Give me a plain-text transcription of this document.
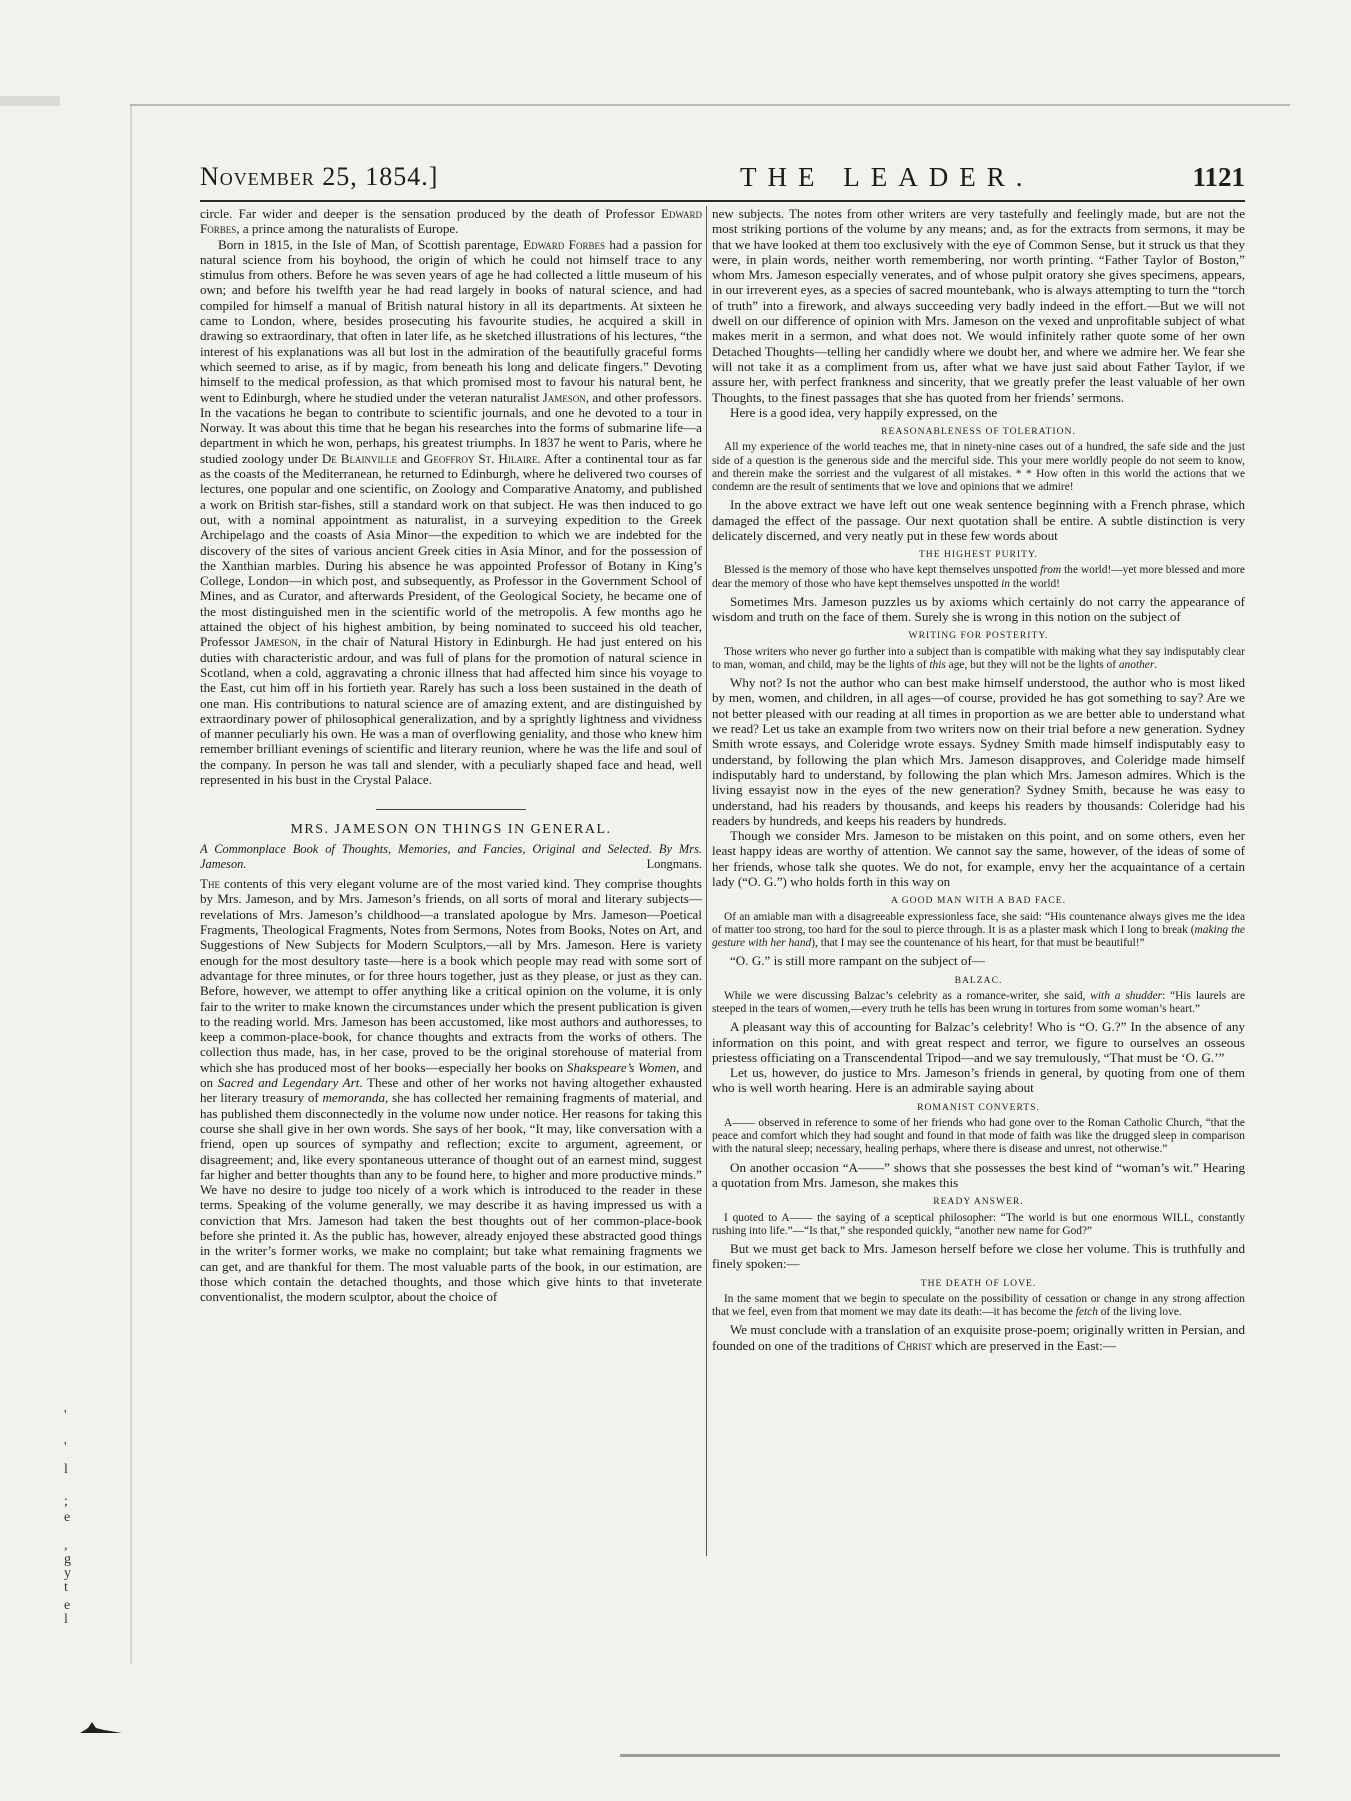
November 25, 1854.]	THE LEADER.	1121

circle. Far wider and deeper is the sensation produced by the death of Professor Edward Forbes, a prince among the naturalists of Europe.

Born in 1815, in the Isle of Man, of Scottish parentage, Edward Forbes had a passion for natural science from his boyhood, the origin of which he could not himself trace to any stimulus from others. Before he was seven years of age he had collected a little museum of his own; and before his twelfth year he had read largely in books of natural science, and had compiled for himself a manual of British natural history in all its departments. At sixteen he came to London, where, besides prosecuting his favourite studies, he acquired a skill in drawing so extraordinary, that often in later life, as he sketched illustrations of his lectures, “the interest of his explanations was all but lost in the admiration of the beautifully graceful forms which seemed to arise, as if by magic, from beneath his long and delicate fingers.” Devoting himself to the medical profession, as that which promised most to favour his natural bent, he went to Edinburgh, where he studied under the veteran naturalist Jameson, and other professors. In the vacations he began to contribute to scientific journals, and one he devoted to a tour in Norway. It was about this time that he began his researches into the forms of submarine life—a department in which he won, perhaps, his greatest triumphs. In 1837 he went to Paris, where he studied zoology under De Blainville and Geoffroy St. Hilaire. After a continental tour as far as the coasts of the Mediterranean, he returned to Edinburgh, where he delivered two courses of lectures, one popular and one scientific, on Zoology and Comparative Anatomy, and published a work on British star-fishes, still a standard work on that subject. He was then induced to go out, with a nominal appointment as naturalist, in a surveying expedition to the Greek Archipelago and the coasts of Asia Minor—the expedition to which we are indebted for the discovery of the sites of various ancient Greek cities in Asia Minor, and for the possession of the Xanthian marbles. During his absence he was appointed Professor of Botany in King’s College, London—in which post, and subsequently, as Professor in the Government School of Mines, and as Curator, and afterwards President, of the Geological Society, he became one of the most distinguished men in the scientific world of the metropolis. A few months ago he attained the object of his highest ambition, by being nominated to succeed his old teacher, Professor Jameson, in the chair of Natural History in Edinburgh. He had just entered on his duties with characteristic ardour, and was full of plans for the promotion of natural science in Scotland, when a cold, aggravating a chronic illness that had affected him since his voyage to the East, cut him off in his fortieth year. Rarely has such a loss been sustained in the death of one man. His contributions to natural science are of amazing extent, and are distinguished by extraordinary power of philosophical generalization, and by a sprightly lightness and vividness of manner peculiarly his own. He was a man of overflowing geniality, and those who knew him remember brilliant evenings of scientific and literary reunion, where he was the life and soul of the company. In person he was tall and slender, with a peculiarly shaped face and head, well represented in his bust in the Crystal Palace.

MRS. JAMESON ON THINGS IN GENERAL.
A Commonplace Book of Thoughts, Memories, and Fancies, Original and Selected. By Mrs. Jameson.	Longmans.

The contents of this very elegant volume are of the most varied kind. They comprise thoughts by Mrs. Jameson, and by Mrs. Jameson’s friends, on all sorts of moral and literary subjects—revelations of Mrs. Jameson’s childhood—a translated apologue by Mrs. Jameson—Poetical Fragments, Theological Fragments, Notes from Sermons, Notes from Books, Notes on Art, and Suggestions of New Subjects for Modern Sculptors,—all by Mrs. Jameson. Here is variety enough for the most desultory taste—here is a book which people may read with some sort of advantage for three minutes, or for three hours together, just as they please, or just as they can. Before, however, we attempt to offer anything like a critical opinion on the volume, it is only fair to the writer to make known the circumstances under which the present publication is given to the reading world. Mrs. Jameson has been accustomed, like most authors and authoresses, to keep a common-place-book, for chance thoughts and extracts from the works of others. The collection thus made, has, in her case, proved to be the original storehouse of material from which she has produced most of her books—especially her books on Shakspeare’s Women, and on Sacred and Legendary Art. These and other of her works not having altogether exhausted her literary treasury of memoranda, she has collected her remaining fragments of material, and has published them disconnectedly in the volume now under notice. Her reasons for taking this course she shall give in her own words. She says of her book, “It may, like conversation with a friend, open up sources of sympathy and reflection; excite to argument, agreement, or disagreement; and, like every spontaneous utterance of thought out of an earnest mind, suggest far higher and better thoughts than any to be found here, to higher and more productive minds.” We have no desire to judge too nicely of a work which is introduced to the reader in these terms. Speaking of the volume generally, we may describe it as having impressed us with a conviction that Mrs. Jameson had taken the best thoughts out of her common-place-book before she printed it. As the public has, however, already enjoyed these abstracted good things in the writer’s former works, we make no complaint; but take what remaining fragments we can get, and are thankful for them. The most valuable parts of the book, in our estimation, are those which contain the detached thoughts, and those which give hints to that inveterate conventionalist, the modern sculptor, about the choice of

new subjects. The notes from other writers are very tastefully and feelingly made, but are not the most striking portions of the volume by any means; and, as for the extracts from sermons, it may be that we have looked at them too exclusively with the eye of Common Sense, but it struck us that they were, in plain words, neither worth remembering, nor worth printing. “Father Taylor of Boston,” whom Mrs. Jameson especially venerates, and of whose pulpit oratory she gives specimens, appears, in our irreverent eyes, as a species of sacred mountebank, who is always attempting to turn the “torch of truth” into a firework, and always succeeding very badly indeed in the effort.—But we will not dwell on our difference of opinion with Mrs. Jameson on the vexed and unprofitable subject of what makes merit in a sermon, and what does not. We would infinitely rather quote some of her own Detached Thoughts—telling her candidly where we doubt her, and where we admire her. We fear she will not take it as a compliment from us, after what we have just said about Father Taylor, if we assure her, with perfect frankness and sincerity, that we greatly prefer the least valuable of her own Thoughts, to the finest passages that she has quoted from her friends’ sermons.

Here is a good idea, very happily expressed, on the

REASONABLENESS OF TOLERATION.

All my experience of the world teaches me, that in ninety-nine cases out of a hundred, the safe side and the just side of a question is the generous side and the merciful side. This your mere worldly people do not seem to know, and therein make the sorriest and the vulgarest of all mistakes. * * How often in this world the actions that we condemn are the result of sentiments that we love and opinions that we admire!

In the above extract we have left out one weak sentence beginning with a French phrase, which damaged the effect of the passage. Our next quotation shall be entire. A subtle distinction is very delicately discerned, and very neatly put in these few words about

THE HIGHEST PURITY.

Blessed is the memory of those who have kept themselves unspotted from the world!—yet more blessed and more dear the memory of those who have kept themselves unspotted in the world!

Sometimes Mrs. Jameson puzzles us by axioms which certainly do not carry the appearance of wisdom and truth on the face of them. Surely she is wrong in this notion on the subject of

WRITING FOR POSTERITY.

Those writers who never go further into a subject than is compatible with making what they say indisputably clear to man, woman, and child, may be the lights of this age, but they will not be the lights of another.

Why not? Is not the author who can best make himself understood, the author who is most liked by men, women, and children, in all ages—of course, provided he has got something to say? Are we not better pleased with our reading at all times in proportion as we are better able to understand what we read? Let us take an example from two writers now on their trial before a new generation. Sydney Smith wrote essays, and Coleridge wrote essays. Sydney Smith made himself indisputably easy to understand, by following the plan which Mrs. Jameson disapproves, and Coleridge made himself indisputably hard to understand, by following the plan which Mrs. Jameson admires. Which is the living essayist now in the eyes of the new generation? Sydney Smith, because he was easy to understand, had his readers by thousands, and keeps his readers by thousands: Coleridge had his readers by hundreds, and keeps his readers by hundreds.

Though we consider Mrs. Jameson to be mistaken on this point, and on some others, even her least happy ideas are worthy of attention. We cannot say the same, however, of the ideas of some of her friends, whose talk she quotes. We do not, for example, envy her the acquaintance of a certain lady (“O. G.”) who holds forth in this way on

A GOOD MAN WITH A BAD FACE.

Of an amiable man with a disagreeable expressionless face, she said: “His countenance always gives me the idea of matter too strong, too hard for the soul to pierce through. It is as a plaster mask which I long to break (making the gesture with her hand), that I may see the countenance of his heart, for that must be beautiful!”

“O. G.” is still more rampant on the subject of—

BALZAC.

While we were discussing Balzac’s celebrity as a romance-writer, she said, with a shudder: “His laurels are steeped in the tears of women,—every truth he tells has been wrung in tortures from some woman’s heart.”

A pleasant way this of accounting for Balzac’s celebrity! Who is “O. G.?” In the absence of any information on this point, and with great respect and terror, we figure to ourselves an osseous priestess officiating on a Transcendental Tripod—and we say tremulously, “That must be ‘O. G.’”

Let us, however, do justice to Mrs. Jameson’s friends in general, by quoting from one of them who is well worth hearing. Here is an admirable saying about

ROMANIST CONVERTS.

A—— observed in reference to some of her friends who had gone over to the Roman Catholic Church, “that the peace and comfort which they had sought and found in that mode of faith was like the drugged sleep in comparison with the natural sleep; necessary, healing perhaps, where there is disease and unrest, not otherwise.”

On another occasion “A——” shows that she possesses the best kind of “woman’s wit.” Hearing a quotation from Mrs. Jameson, she makes this

READY ANSWER.

I quoted to A—— the saying of a sceptical philosopher: “The world is but one enormous WILL, constantly rushing into life.”—“Is that,” she responded quickly, “another new name for God?”

But we must get back to Mrs. Jameson herself before we close her volume. This is truthfully and finely spoken:—

THE DEATH OF LOVE.

In the same moment that we begin to speculate on the possibility of cessation or change in any strong affection that we feel, even from that moment we may date its death:—it has become the fetch of the living love.

We must conclude with a translation of an exquisite prose-poem; originally written in Persian, and founded on one of the traditions of Christ which are preserved in the East:—

'
'
l
;
e
,
g
y
t
e
l
